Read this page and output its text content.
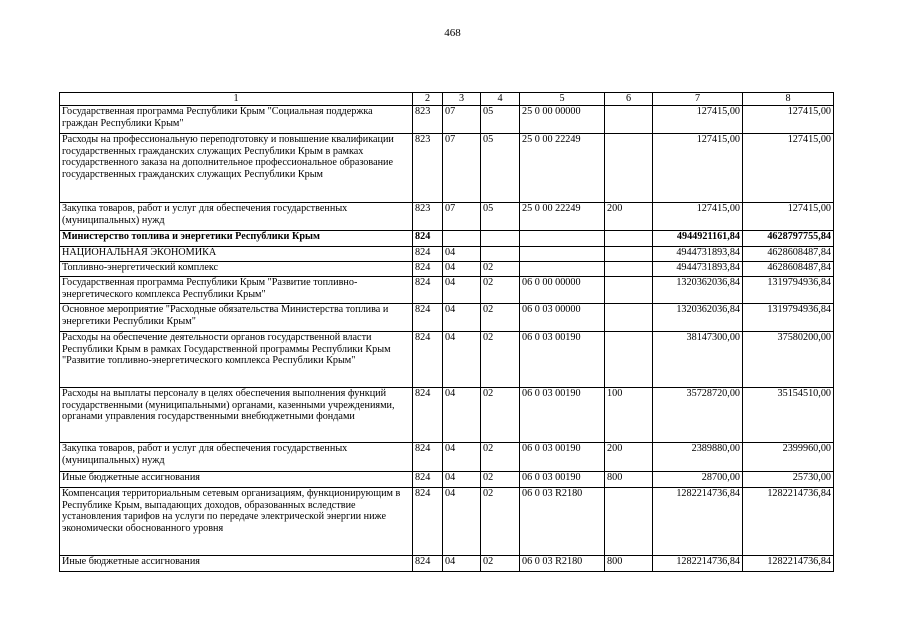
468
1	2	3	4	5	6	7	8
Государственная программа Республики Крым "Социальная поддержка граждан Республики Крым"	823	07	05	25 0 00 00000		127415,00	127415,00
Расходы на профессиональную переподготовку и повышение квалификации государственных гражданских служащих Республики Крым в рамках государственного заказа на дополнительное профессиональное образование государственных гражданских служащих Республики Крым	823	07	05	25 0 00 22249		127415,00	127415,00
Закупка товаров, работ и услуг для обеспечения государственных (муниципальных) нужд	823	07	05	25 0 00 22249	200	127415,00	127415,00
Министерство топлива и энергетики Республики Крым	824					4944921161,84	4628797755,84
НАЦИОНАЛЬНАЯ ЭКОНОМИКА	824	04				4944731893,84	4628608487,84
Топливно-энергетический комплекс	824	04	02			4944731893,84	4628608487,84
Государственная программа Республики Крым "Развитие топливно-энергетического комплекса Республики Крым"	824	04	02	06 0 00 00000		1320362036,84	1319794936,84
Основное мероприятие "Расходные обязательства Министерства топлива и энергетики Республики Крым"	824	04	02	06 0 03 00000		1320362036,84	1319794936,84
Расходы на обеспечение деятельности органов государственной власти Республики Крым в рамках Государственной программы Республики Крым "Развитие топливно-энергетического комплекса Республики Крым"	824	04	02	06 0 03 00190		38147300,00	37580200,00
Расходы на выплаты персоналу в целях обеспечения выполнения функций государственными (муниципальными) органами, казенными учреждениями, органами управления государственными внебюджетными фондами	824	04	02	06 0 03 00190	100	35728720,00	35154510,00
Закупка товаров, работ и услуг для обеспечения государственных (муниципальных) нужд	824	04	02	06 0 03 00190	200	2389880,00	2399960,00
Иные бюджетные ассигнования	824	04	02	06 0 03 00190	800	28700,00	25730,00
Компенсация территориальным сетевым организациям, функционирующим в Республике Крым, выпадающих доходов, образованных вследствие установления тарифов на услуги по передаче электрической энергии ниже экономически обоснованного уровня	824	04	02	06 0 03 R2180		1282214736,84	1282214736,84
Иные бюджетные ассигнования	824	04	02	06 0 03 R2180	800	1282214736,84	1282214736,84
